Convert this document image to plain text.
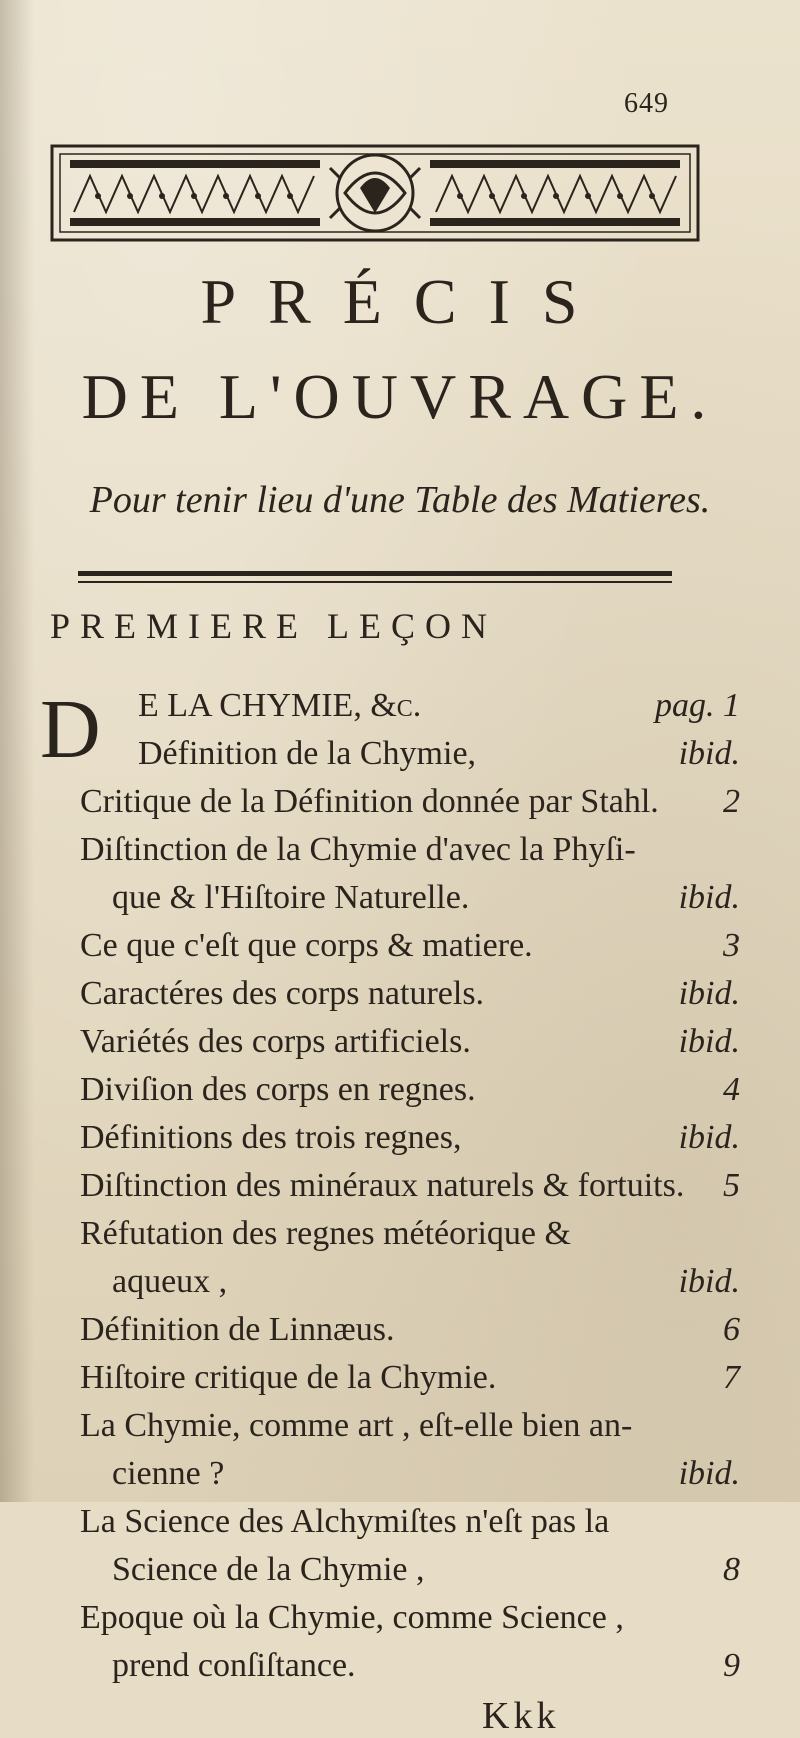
649
PRÉCIS
DE L'OUVRAGE.
Pour tenir lieu d'une Table des Matieres.
PREMIERE LEÇON
D E LA CHYMIE, &c.	pag. 1
Définition de la Chymie,	ibid.
Critique de la Définition donnée par Stahl. 2
Diſtinction de la Chymie d'avec la Phyſi-
que & l'Hiſtoire Naturelle.	ibid.
Ce que c'eſt que corps & matiere.	3
Caractéres des corps naturels.	ibid.
Variétés des corps artificiels.	ibid.
Diviſion des corps en regnes.	4
Définitions des trois regnes,	ibid.
Diſtinction des minéraux naturels & fortuits. 5
Réfutation des regnes météorique &
aqueux ,	ibid.
Définition de Linnæus.	6
Hiſtoire critique de la Chymie.	7
La Chymie, comme art , eſt-elle bien an-
cienne ?	ibid.
La Science des Alchymiſtes n'eſt pas la
Science de la Chymie ,	8
Epoque où la Chymie, comme Science ,
prend conſiſtance.	9
Kkk
